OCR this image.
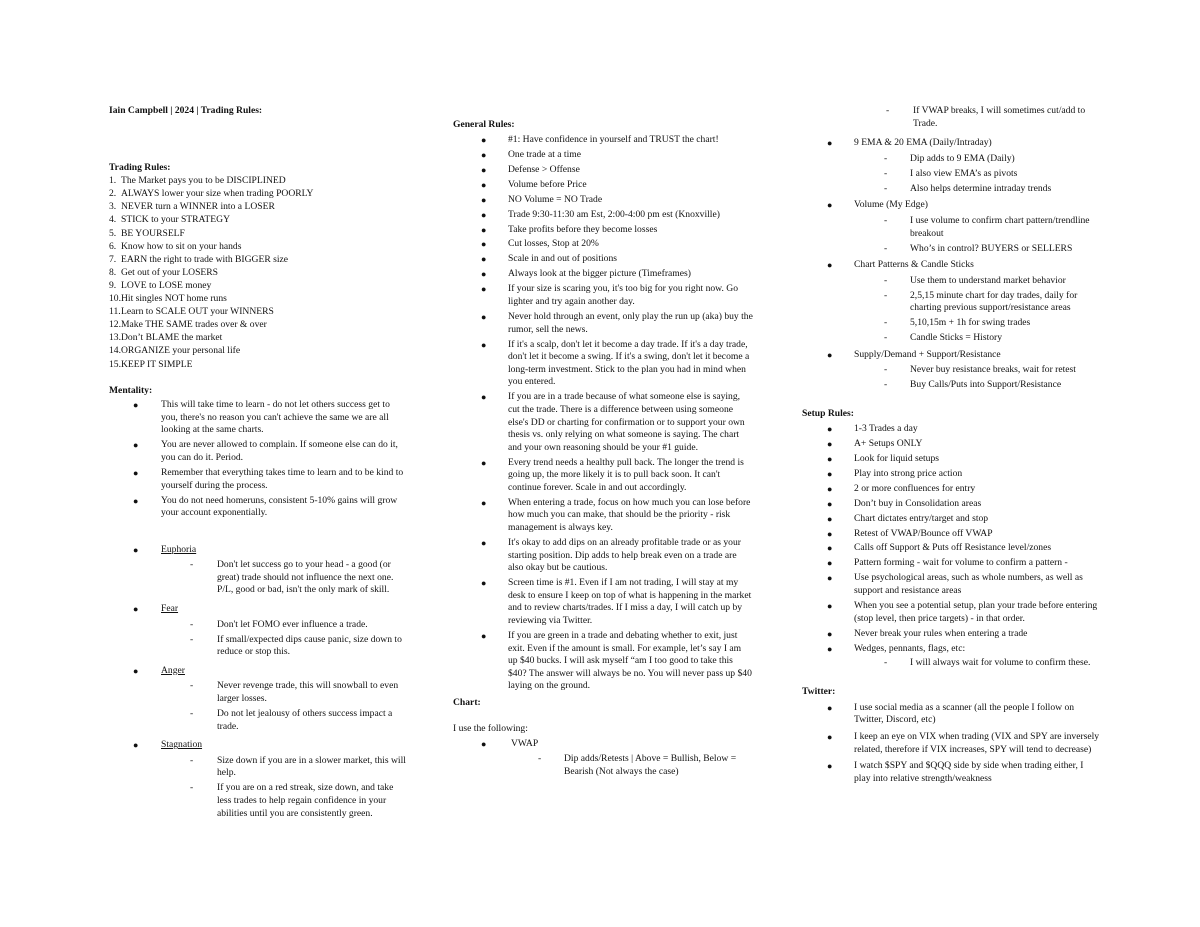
Iain Campbell | 2024 | Trading Rules:
Trading Rules:
1. The Market pays you to be DISCIPLINED
2. ALWAYS lower your size when trading POORLY
3. NEVER turn a WINNER into a LOSER
4. STICK to your STRATEGY
5. BE YOURSELF
6. Know how to sit on your hands
7. EARN the right to trade with BIGGER size
8. Get out of your LOSERS
9. LOVE to LOSE money
10. Hit singles NOT home runs
11. Learn to SCALE OUT your WINNERS
12. Make THE SAME trades over & over
13. Don’t BLAME the market
14. ORGANIZE your personal life
15. KEEP IT SIMPLE
Mentality:
● This will take time to learn - do not let others success get to you, there's no reason you can't achieve the same we are all looking at the same charts.
● You are never allowed to complain. If someone else can do it, you can do it. Period.
● Remember that everything takes time to learn and to be kind to yourself during the process.
● You do not need homeruns, consistent 5-10% gains will grow your account exponentially.
● Euphoria
- Don't let success go to your head - a good (or great) trade should not influence the next one. P/L, good or bad, isn't the only mark of skill.
● Fear
- Don't let FOMO ever influence a trade.
- If small/expected dips cause panic, size down to reduce or stop this.
● Anger
- Never revenge trade, this will snowball to even larger losses.
- Do not let jealousy of others success impact a trade.
● Stagnation
- Size down if you are in a slower market, this will help.
- If you are on a red streak, size down, and take less trades to help regain confidence in your abilities until you are consistently green.
General Rules:
● #1: Have confidence in yourself and TRUST the chart!
● One trade at a time
● Defense > Offense
● Volume before Price
● NO Volume = NO Trade
● Trade 9:30-11:30 am Est, 2:00-4:00 pm est (Knoxville)
● Take profits before they become losses
● Cut losses, Stop at 20%
● Scale in and out of positions
● Always look at the bigger picture (Timeframes)
● If your size is scaring you, it's too big for you right now. Go lighter and try again another day.
● Never hold through an event, only play the run up (aka) buy the rumor, sell the news.
● If it's a scalp, don't let it become a day trade. If it's a day trade, don't let it become a swing. If it's a swing, don't let it become a long-term investment. Stick to the plan you had in mind when you entered.
● If you are in a trade because of what someone else is saying, cut the trade. There is a difference between using someone else's DD or charting for confirmation or to support your own thesis vs. only relying on what someone is saying. The chart and your own reasoning should be your #1 guide.
● Every trend needs a healthy pull back. The longer the trend is going up, the more likely it is to pull back soon. It can't continue forever. Scale in and out accordingly.
● When entering a trade, focus on how much you can lose before how much you can make, that should be the priority - risk management is always key.
● It's okay to add dips on an already profitable trade or as your starting position. Dip adds to help break even on a trade are also okay but be cautious.
● Screen time is #1. Even if I am not trading, I will stay at my desk to ensure I keep on top of what is happening in the market and to review charts/trades. If I miss a day, I will catch up by reviewing via Twitter.
● If you are green in a trade and debating whether to exit, just exit. Even if the amount is small. For example, let’s say I am up $40 bucks. I will ask myself “am I too good to take this $40? The answer will always be no. You will never pass up $40 laying on the ground.
Chart:
I use the following:
●	VWAP
- Dip adds/Retests | Above = Bullish, Below = Bearish (Not always the case)
- If VWAP breaks, I will sometimes cut/add to Trade.
● 9 EMA & 20 EMA (Daily/Intraday)
- Dip adds to 9 EMA (Daily)
- I also view EMA’s as pivots
- Also helps determine intraday trends
● Volume (My Edge)
- I use volume to confirm chart pattern/trendline breakout
- Who’s in control? BUYERS or SELLERS
● Chart Patterns & Candle Sticks
- Use them to understand market behavior
- 2,5,15 minute chart for day trades, daily for charting previous support/resistance areas
- 5,10,15m + 1h for swing trades
- Candle Sticks = History
● Supply/Demand + Support/Resistance
- Never buy resistance breaks, wait for retest
- Buy Calls/Puts into Support/Resistance
Setup Rules:
● 1-3 Trades a day
● A+ Setups ONLY
● Look for liquid setups
● Play into strong price action
● 2 or more confluences for entry
● Don’t buy in Consolidation areas
● Chart dictates entry/target and stop
● Retest of VWAP/Bounce off VWAP
● Calls off Support & Puts off Resistance level/zones
● Pattern forming - wait for volume to confirm a pattern -
● Use psychological areas, such as whole numbers, as well as support and resistance areas
● When you see a potential setup, plan your trade before entering (stop level, then price targets) - in that order.
● Never break your rules when entering a trade
● Wedges, pennants, flags, etc:
- I will always wait for volume to confirm these.
Twitter:
● I use social media as a scanner (all the people I follow on Twitter, Discord, etc)
● I keep an eye on VIX when trading (VIX and SPY are inversely related, therefore if VIX increases, SPY will tend to decrease)
● I watch $SPY and $QQQ side by side when trading either, I play into relative strength/weakness
